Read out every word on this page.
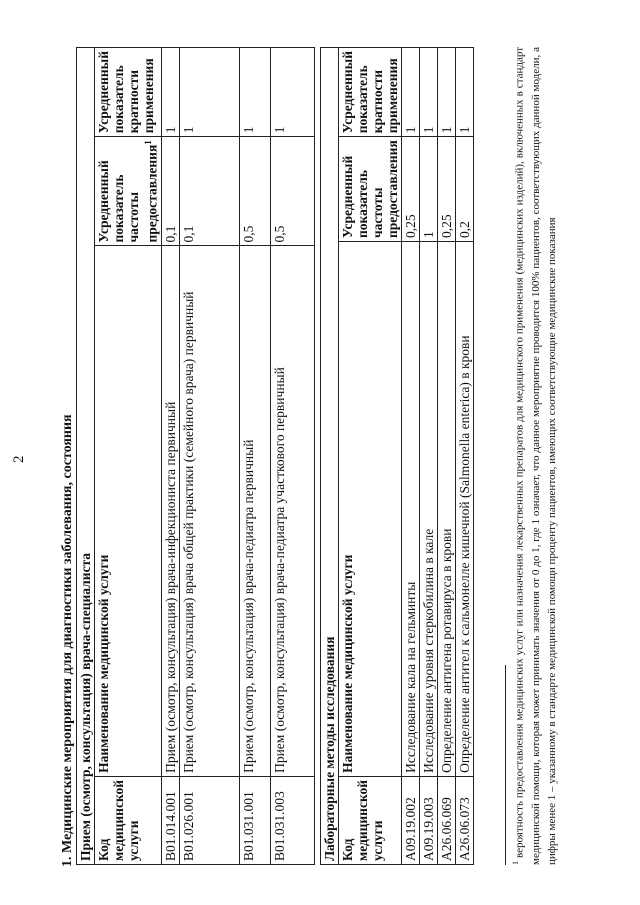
2 1. Медицинские мероприятия для диагностики заболевания, состояния Прием (осмотр, консультация) врача-специалиста			
Код медицинской услуги	Наименование медицинской услуги	Усредненный показатель частоты предоставления$^1$	Усредненный показатель кратности применения
B01.014.001	Прием (осмотр, консультация) врача-инфекциониста первичный	0,1	1
B01.026.001	Прием (осмотр, консультация) врача общей практики (семейного врача) первичный	0,1	1
B01.031.001	Прием (осмотр, консультация) врача-педиатра первичный	0,5	1
B01.031.003	Прием (осмотр, консультация) врача-педиатра участкового первичный	0,5	1
Лабораторные методы исследования			
Код медицинской услуги	Наименование медицинской услуги	Усредненный показатель частоты предоставления	Усредненный показатель кратности применения
A09.19.002	Исследование кала на гельминты	0,25	1
A09.19.003	Исследование уровня стеркобилина в кале	1	1
A26.06.069	Определение антигена ротавируса в крови	0,25	1
A26.06.073	Определение антител к сальмонелле кишечной (Salmonella enterica) в крови	0,2	1
$^1$ вероятность предоставления медицинских услуг или назначения лекарственных препаратов для медицинского применения (медицинских изделий), включенных в стандарт медицинской помощи, которая может принимать значения от 0 до 1, где 1 означает, что данное мероприятие проводится 100% пациентов, соответствующих данной модели, а цифры менее 1 – указанному в стандарте медицинской помощи проценту пациентов, имеющих соответствующие медицинские показания
